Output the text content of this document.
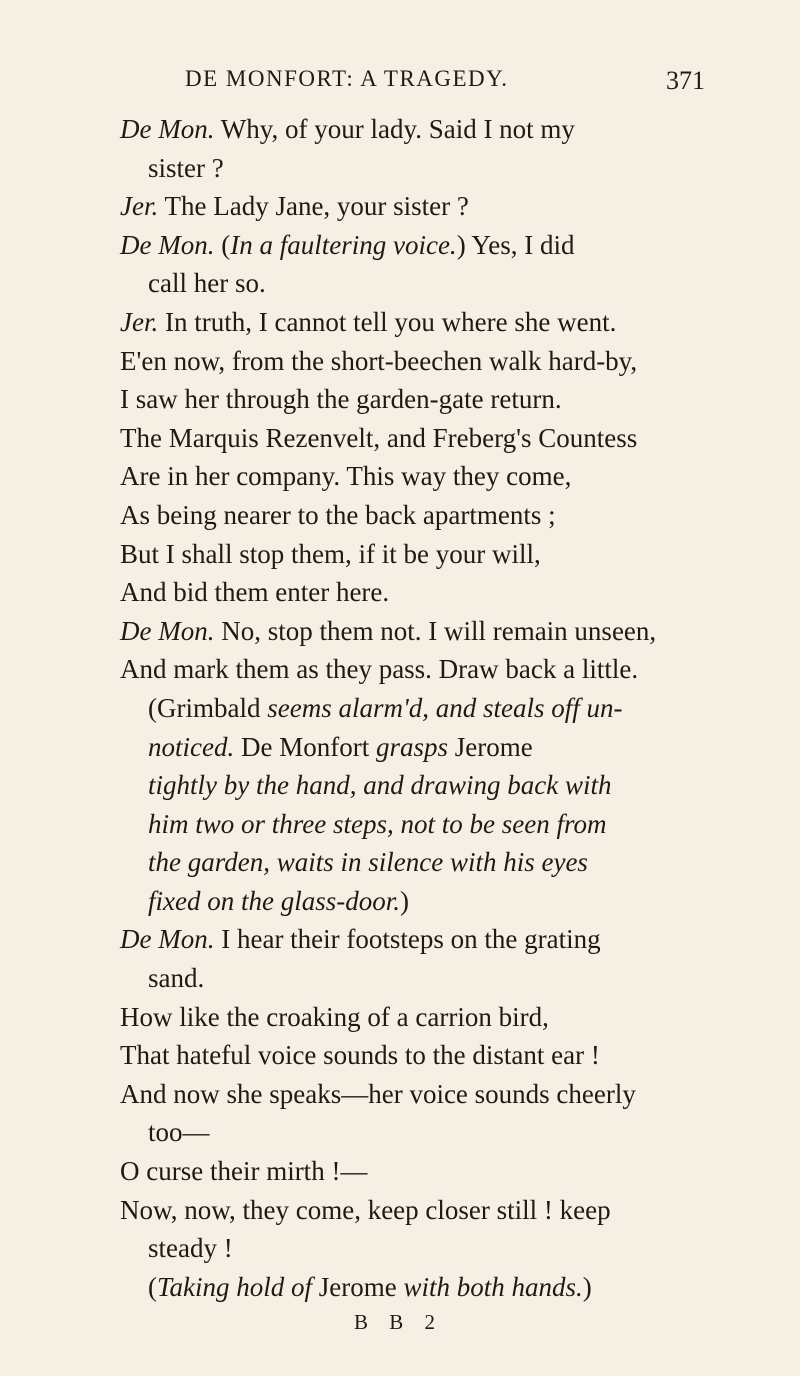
DE MONFORT: A TRAGEDY.	371
De Mon. Why, of your lady. Said I not my
sister ?
Jer. The Lady Jane, your sister ?
De Mon. (In a faultering voice.) Yes, I did
call her so.
Jer. In truth, I cannot tell you where she went.
E'en now, from the short-beechen walk hard-by,
I saw her through the garden-gate return.
The Marquis Rezenvelt, and Freberg's Countess
Are in her company. This way they come,
As being nearer to the back apartments ;
But I shall stop them, if it be your will,
And bid them enter here.
De Mon. No, stop them not. I will remain unseen,
And mark them as they pass. Draw back a little.
(Grimbald seems alarm'd, and steals off un-
noticed. De Monfort grasps Jerome
tightly by the hand, and drawing back with
him two or three steps, not to be seen from
the garden, waits in silence with his eyes
fixed on the glass-door.)
De Mon. I hear their footsteps on the grating
sand.
How like the croaking of a carrion bird,
That hateful voice sounds to the distant ear !
And now she speaks—her voice sounds cheerly
too—
O curse their mirth !—
Now, now, they come, keep closer still ! keep
steady !
(Taking hold of Jerome with both hands.)
B B 2
